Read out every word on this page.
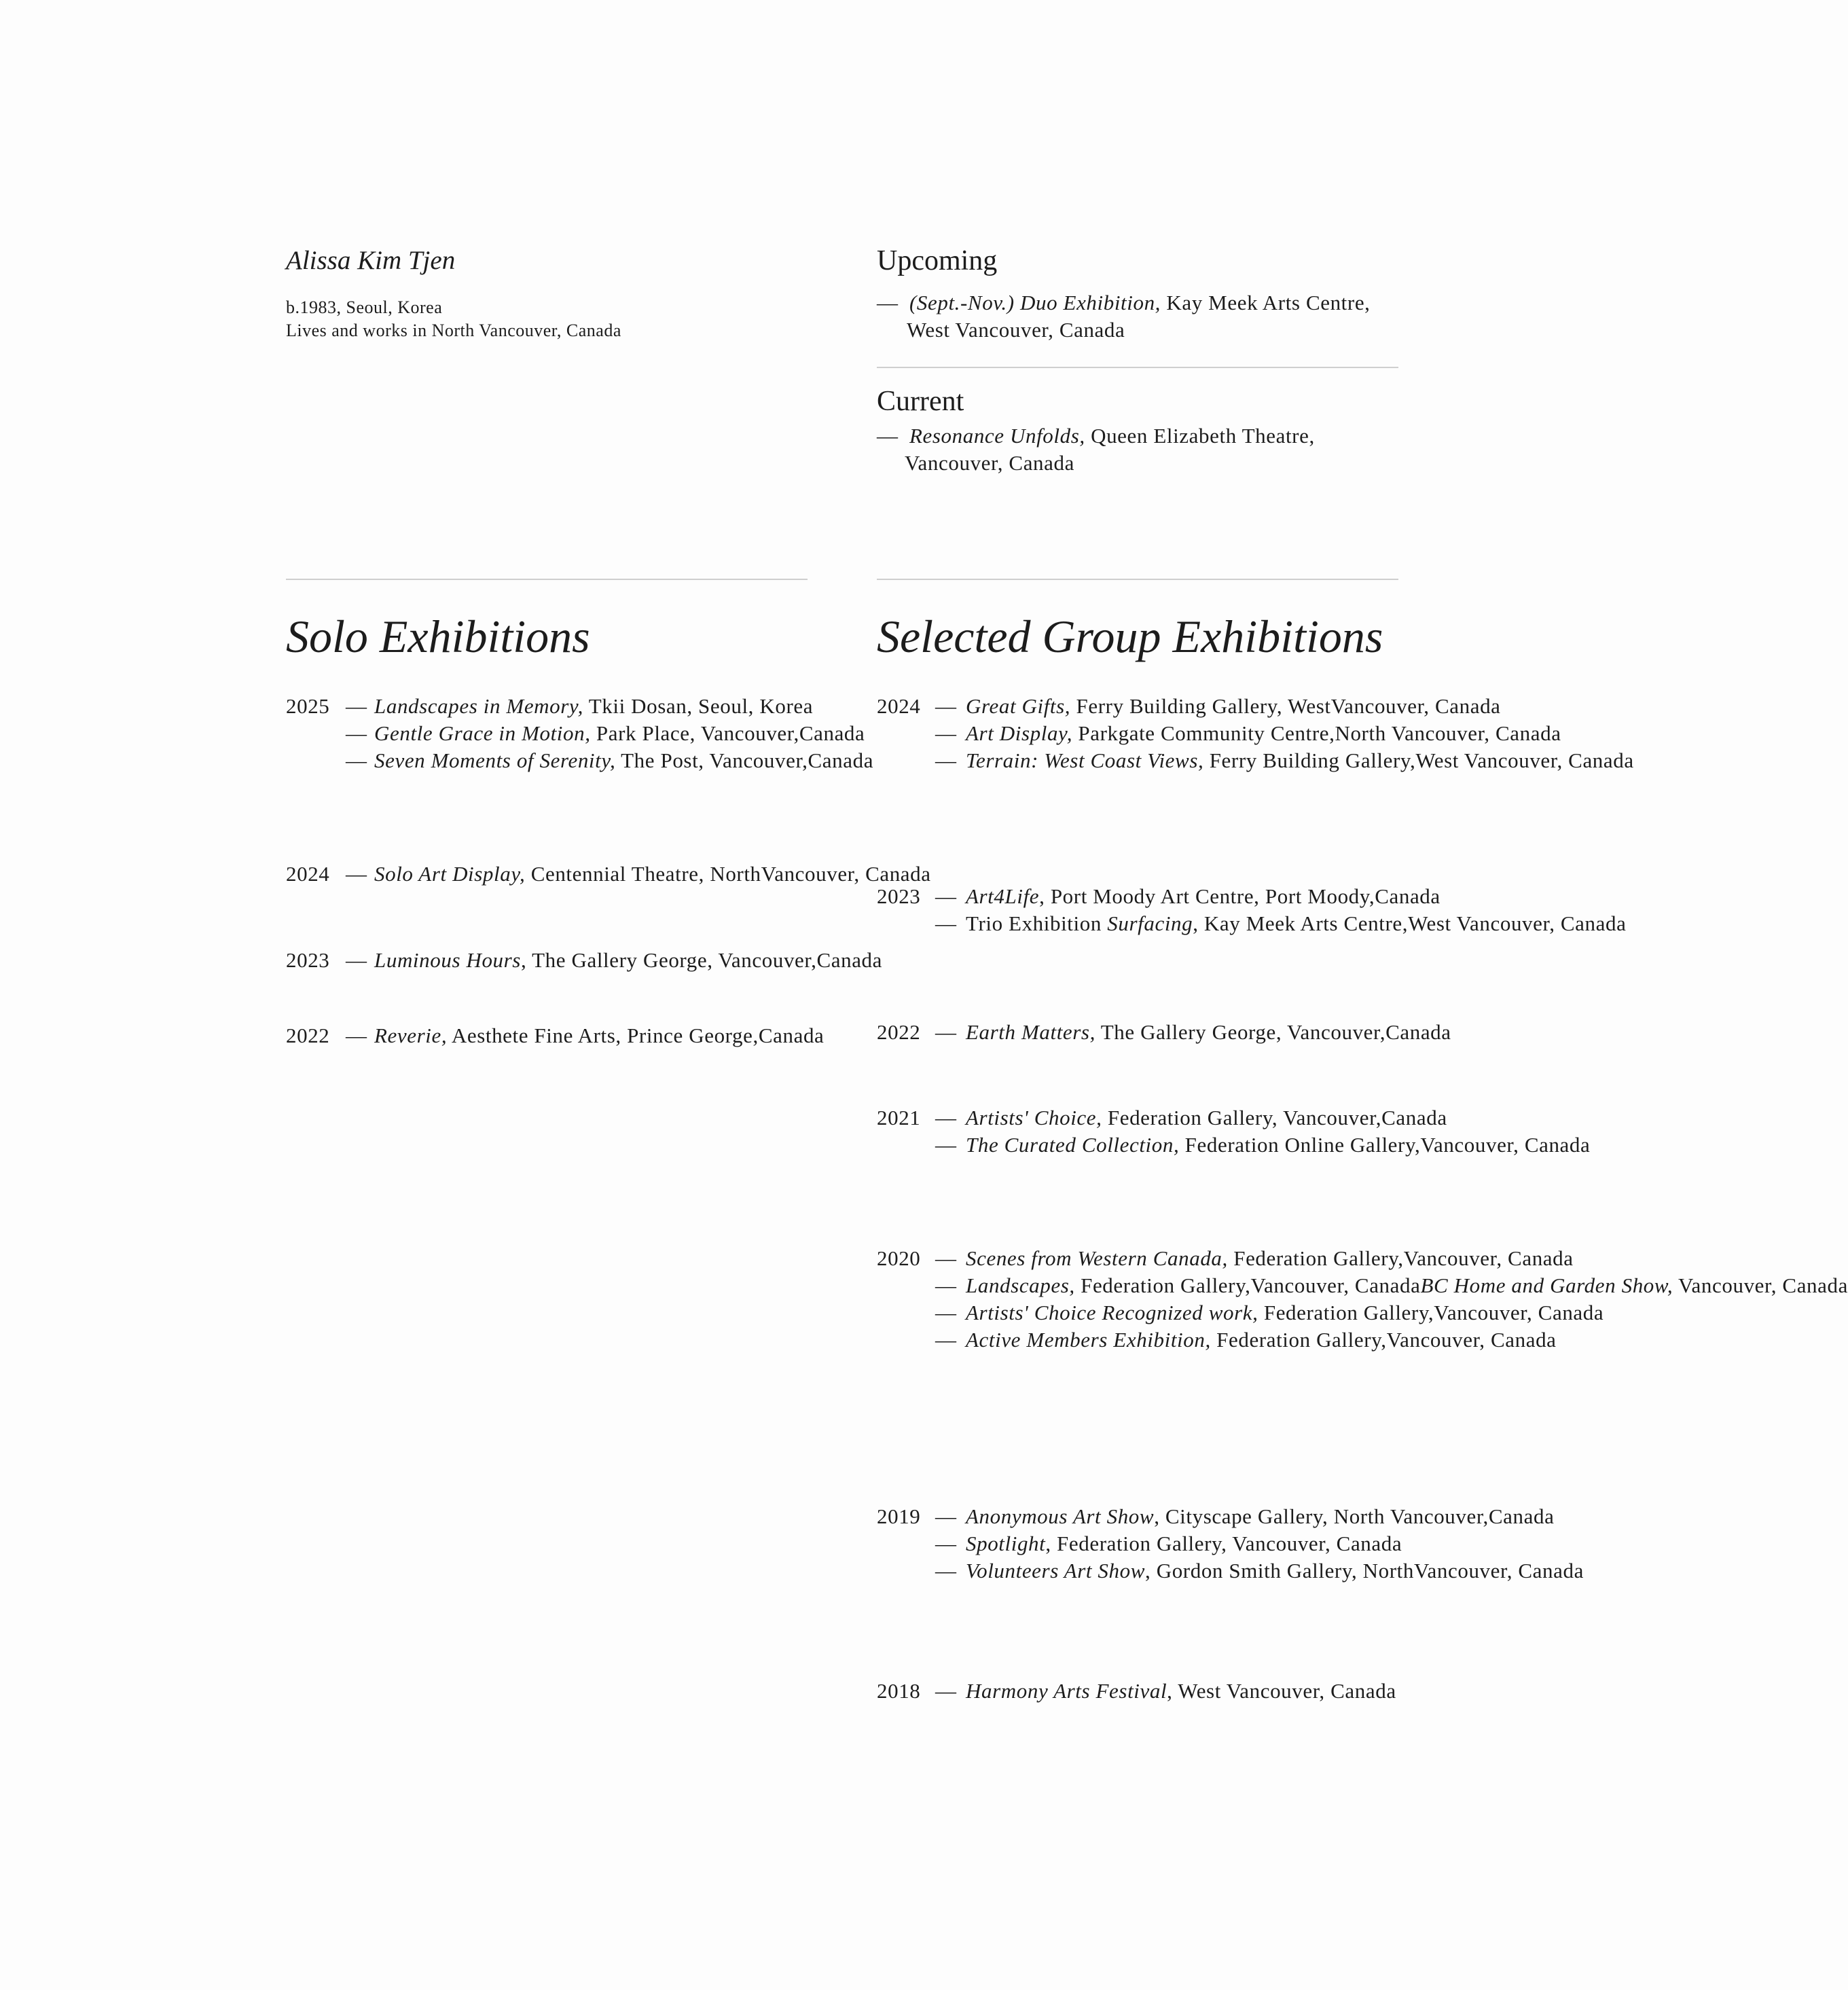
Alissa Kim Tjen
b.1983, Seoul, Korea
Lives and works in North Vancouver, Canada
Upcoming
— (Sept.-Nov.) Duo Exhibition, Kay Meek Arts Centre,
West Vancouver, Canada
Current
— Resonance Unfolds, Queen Elizabeth Theatre,
Vancouver, Canada
Solo Exhibitions	Selected Group Exhibitions
2025 — Landscapes in Memory, Tkii Dosan, Seoul, Korea
— Gentle Grace in Motion, Park Place, Vancouver,Canada
— Seven Moments of Serenity, The Post, Vancouver,Canada
2024 — Solo Art Display, Centennial Theatre, NorthVancouver, Canada
2023 — Luminous Hours, The Gallery George, Vancouver,Canada
2022 — Reverie, Aesthete Fine Arts, Prince George,Canada
2024 — Great Gifts, Ferry Building Gallery, WestVancouver, Canada
— Art Display, Parkgate Community Centre,North Vancouver, Canada
— Terrain: West Coast Views, Ferry Building Gallery,West Vancouver, Canada
2023 — Art4Life, Port Moody Art Centre, Port Moody,Canada
— Trio Exhibition Surfacing, Kay Meek Arts Centre,West Vancouver, Canada
2022 — Earth Matters, The Gallery George, Vancouver,Canada
2021 — Artists' Choice, Federation Gallery, Vancouver,Canada
— The Curated Collection, Federation Online Gallery,Vancouver, Canada
2020 — Scenes from Western Canada, Federation Gallery,Vancouver, Canada
— Landscapes, Federation Gallery,Vancouver, CanadaBC Home and Garden Show, Vancouver, Canada
— Artists' Choice Recognized work, Federation Gallery,Vancouver, Canada
— Active Members Exhibition, Federation Gallery,Vancouver, Canada
2019 — Anonymous Art Show, Cityscape Gallery, North Vancouver,Canada
— Spotlight, Federation Gallery, Vancouver, Canada
— Volunteers Art Show, Gordon Smith Gallery, NorthVancouver, Canada
2018 — Harmony Arts Festival, West Vancouver, Canada
